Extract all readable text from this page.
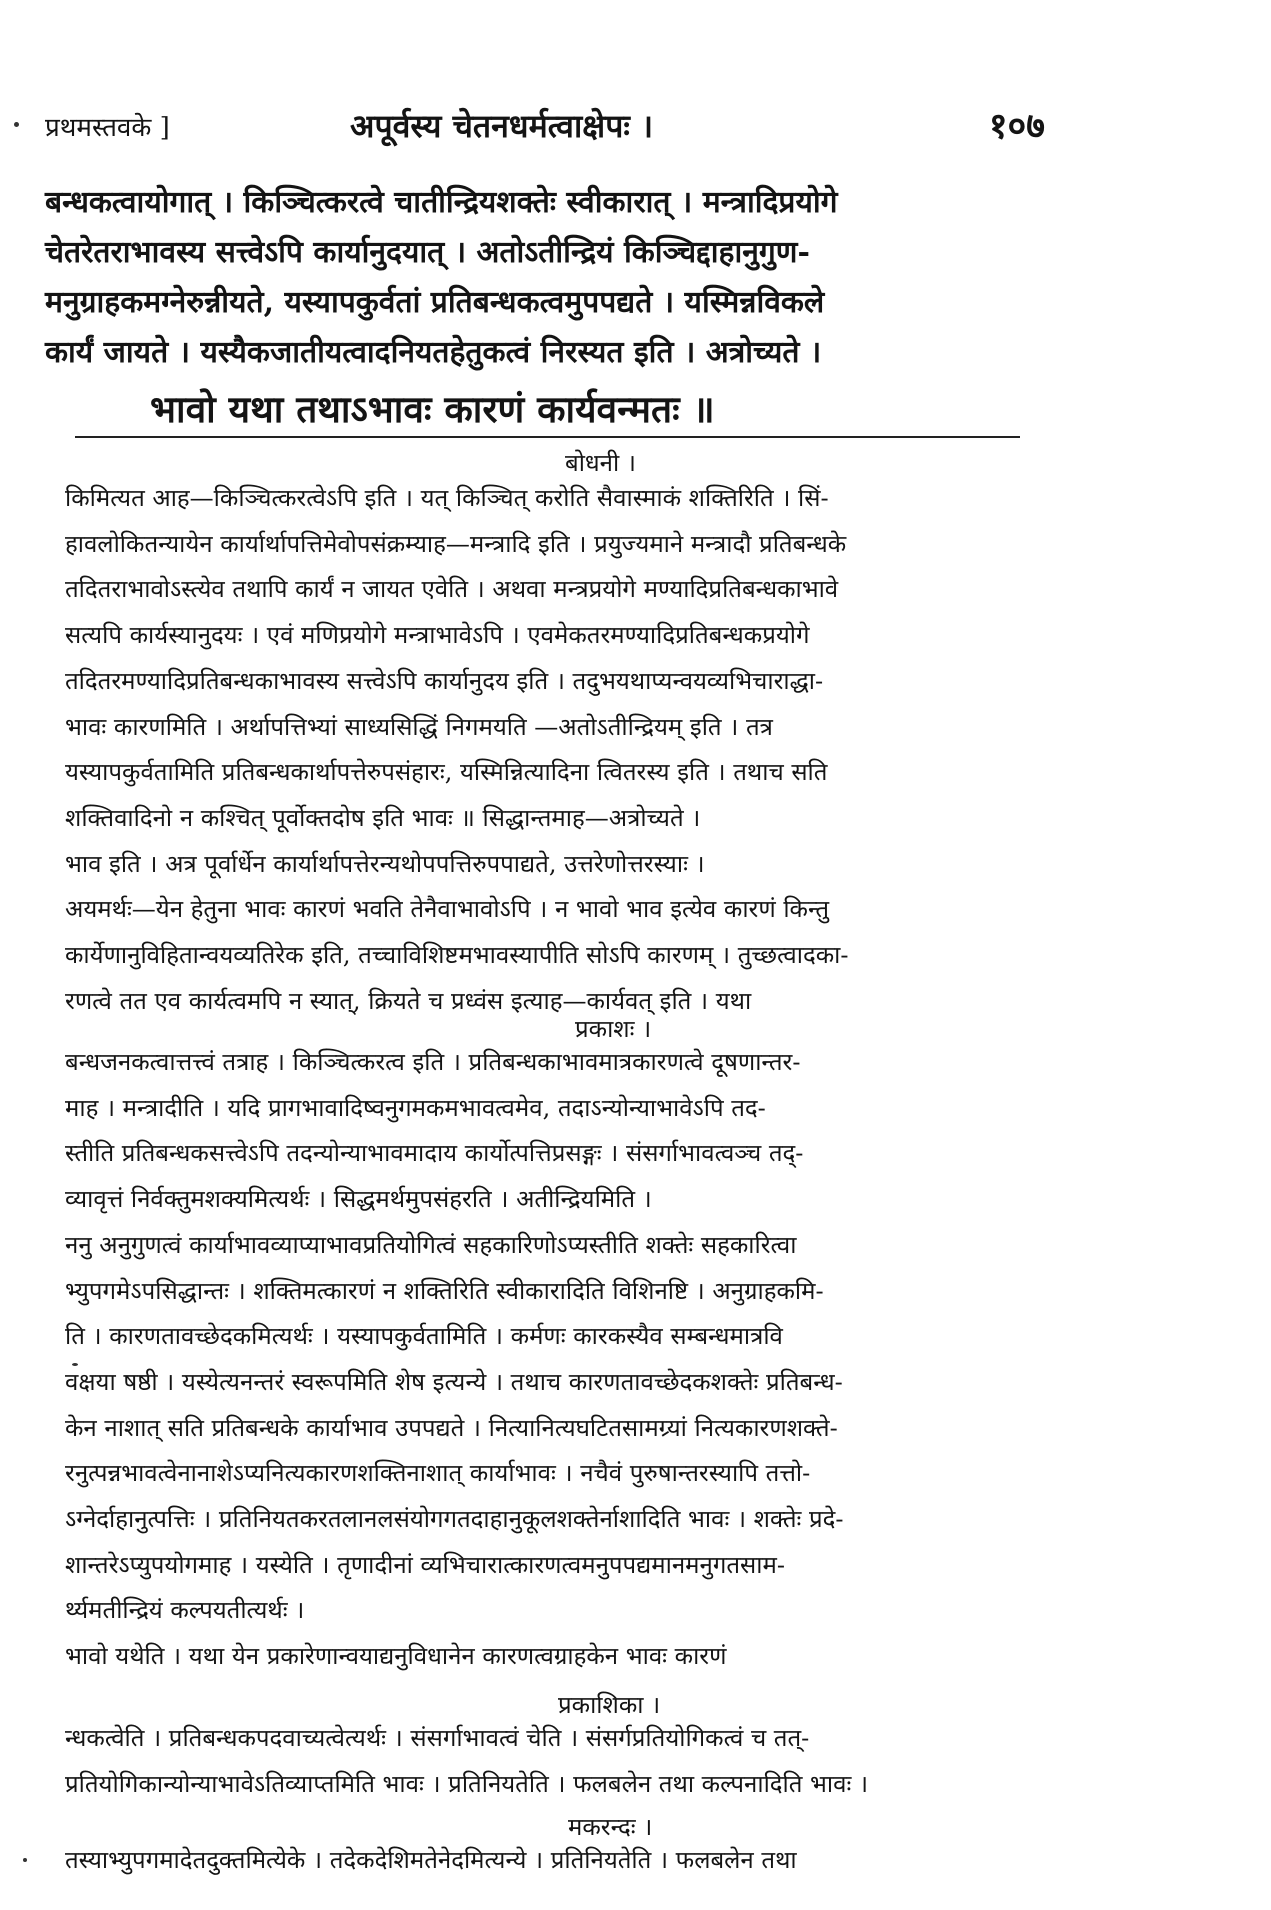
प्रथमस्तवके ]	अपूर्वस्य चेतनधर्मत्वाक्षेपः ।	१०७

बन्धकत्वायोगात् । किञ्चित्करत्वे चातीन्द्रियशक्तेः स्वीकारात् । मन्त्रादिप्रयोगे

चेतरेतराभावस्य सत्त्वेऽपि कार्यानुदयात् । अतोऽतीन्द्रियं किञ्चिद्दाहानुगुण-

मनुग्राहकमग्नेरुन्नीयते, यस्यापकुर्वतां प्रतिबन्धकत्वमुपपद्यते । यस्मिन्नविकले

कार्यं जायते । यस्यैकजातीयत्वादनियतहेतुकत्वं निरस्यत इति । अत्रोच्यते ।

भावो यथा तथाऽभावः कारणं कार्यवन्मतः ॥
बोधनी ।

किमित्यत आह—किञ्चित्करत्वेऽपि इति । यत् किञ्चित् करोति सैवास्माकं शक्तिरिति । सिं-

हावलोकितन्यायेन कार्यार्थापत्तिमेवोपसंक्रम्याह—मन्त्रादि इति । प्रयुज्यमाने मन्त्रादौ प्रतिबन्धके

तदितराभावोऽस्त्येव तथापि कार्यं न जायत एवेति । अथवा मन्त्रप्रयोगे मण्यादिप्रतिबन्धकाभावे

सत्यपि कार्यस्यानुदयः । एवं मणिप्रयोगे मन्त्राभावेऽपि । एवमेकतरमण्यादिप्रतिबन्धकप्रयोगे

तदितरमण्यादिप्रतिबन्धकाभावस्य सत्त्वेऽपि कार्यानुदय इति । तदुभयथाप्यन्वयव्यभिचाराद्धा-

भावः कारणमिति । अर्थापत्तिभ्यां साध्यसिद्धिं निगमयति —अतोऽतीन्द्रियम् इति । तत्र

यस्यापकुर्वतामिति प्रतिबन्धकार्थापत्तेरुपसंहारः, यस्मिन्नित्यादिना त्वितरस्य इति । तथाच सति

शक्तिवादिनो न कश्चित् पूर्वोक्तदोष इति भावः ॥ सिद्धान्तमाह—अत्रोच्यते ।

भाव इति । अत्र पूर्वार्धेन कार्यार्थापत्तेरन्यथोपपत्तिरुपपाद्यते, उत्तरेणोत्तरस्याः ।

अयमर्थः—येन हेतुना भावः कारणं भवति तेनैवाभावोऽपि । न भावो भाव इत्येव कारणं किन्तु

कार्येणानुविहितान्वयव्यतिरेक इति, तच्चाविशिष्टमभावस्यापीति सोऽपि कारणम् । तुच्छत्वादका-

रणत्वे तत एव कार्यत्वमपि न स्यात्, क्रियते च प्रध्वंस इत्याह—कार्यवत् इति । यथा

प्रकाशः ।

बन्धजनकत्वात्तत्त्वं तत्राह । किञ्चित्करत्व इति । प्रतिबन्धकाभावमात्रकारणत्वे दूषणान्तर-

माह । मन्त्रादीति । यदि प्रागभावादिष्वनुगमकमभावत्वमेव, तदाऽन्योन्याभावेऽपि तद-

स्तीति प्रतिबन्धकसत्त्वेऽपि तदन्योन्याभावमादाय कार्योत्पत्तिप्रसङ्गः । संसर्गाभावत्वञ्च तद्-

व्यावृत्तं निर्वक्तुमशक्यमित्यर्थः । सिद्धमर्थमुपसंहरति । अतीन्द्रियमिति ।

ननु अनुगुणत्वं कार्याभावव्याप्याभावप्रतियोगित्वं सहकारिणोऽप्यस्तीति शक्तेः सहकारित्वा

भ्युपगमेऽपसिद्धान्तः । शक्तिमत्कारणं न शक्तिरिति स्वीकारादिति विशिनष्टि । अनुग्राहकमि-

ति । कारणतावच्छेदकमित्यर्थः । यस्यापकुर्वतामिति । कर्मणः कारकस्यैव सम्बन्धमात्रवि

वक्षया षष्ठी । यस्येत्यनन्तरं स्वरूपमिति शेष इत्यन्ये । तथाच कारणतावच्छेदकशक्तेः प्रतिबन्ध-

केन नाशात् सति प्रतिबन्धके कार्याभाव उपपद्यते । नित्यानित्यघटितसामग्र्यां नित्यकारणशक्ते-

रनुत्पन्नभावत्वेनानाशेऽप्यनित्यकारणशक्तिनाशात् कार्याभावः । नचैवं पुरुषान्तरस्यापि तत्तो-

ऽग्नेर्दाहानुत्पत्तिः । प्रतिनियतकरतलानलसंयोगगतदाहानुकूलशक्तेर्नाशादिति भावः । शक्तेः प्रदे-

शान्तरेऽप्युपयोगमाह । यस्येति । तृणादीनां व्यभिचारात्कारणत्वमनुपपद्यमानमनुगतसाम-

र्थ्यमतीन्द्रियं कल्पयतीत्यर्थः ।

भावो यथेति । यथा येन प्रकारेणान्वयाद्यनुविधानेन कारणत्वग्राहकेन भावः कारणं

प्रकाशिका ।

न्धकत्वेति । प्रतिबन्धकपदवाच्यत्वेत्यर्थः । संसर्गाभावत्वं चेति । संसर्गप्रतियोगिकत्वं च तत्-

प्रतियोगिकान्योन्याभावेऽतिव्याप्तमिति भावः । प्रतिनियतेति । फलबलेन तथा कल्पनादिति भावः ।

मकरन्दः ।

तस्याभ्युपगमादेतदुक्तमित्येके । तदेकदेशिमतेनेदमित्यन्ये । प्रतिनियतेति । फलबलेन तथा
